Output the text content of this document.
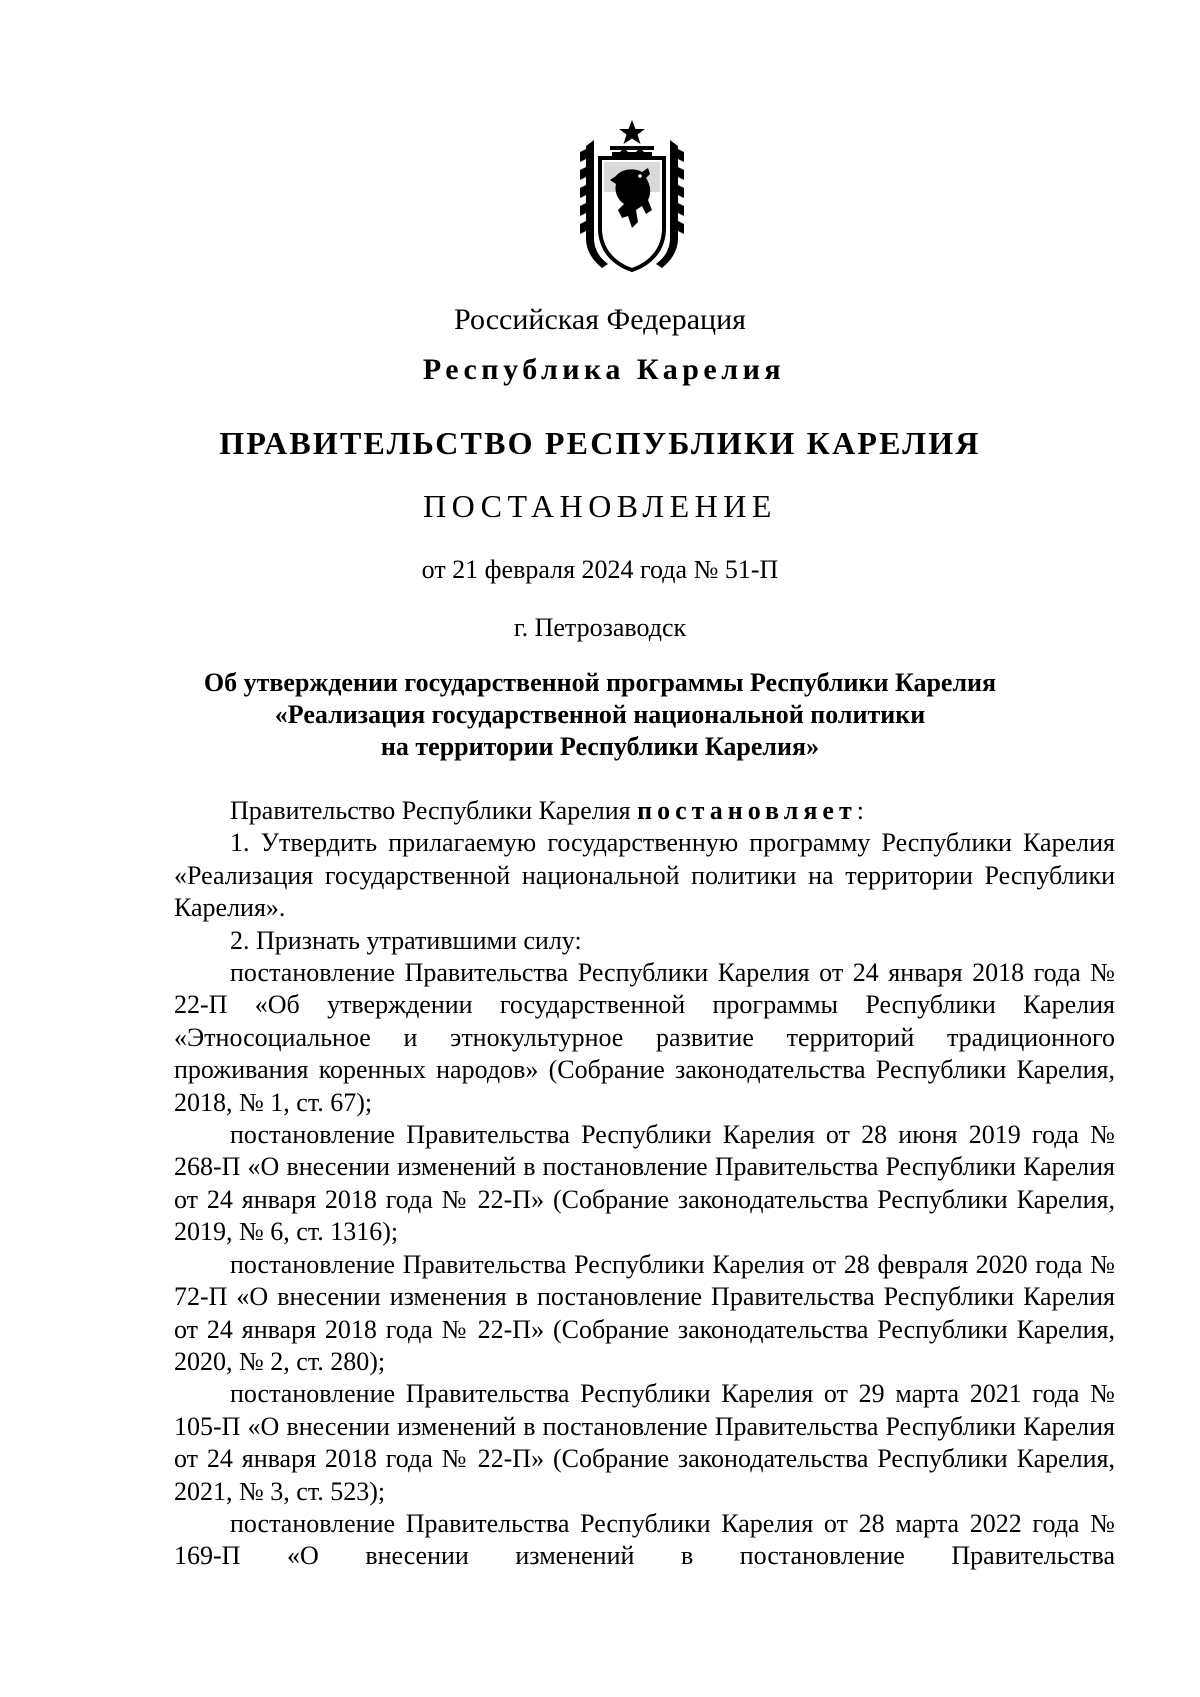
Российская Федерация
Республика Карелия
ПРАВИТЕЛЬСТВО РЕСПУБЛИКИ КАРЕЛИЯ
ПОСТАНОВЛЕНИЕ
от 21 февраля 2024 года № 51-П
г. Петрозаводск
Об утверждении государственной программы Республики Карелия
«Реализация государственной национальной политики
на территории Республики Карелия»

Правительство Республики Карелия постановляет:

1. Утвердить прилагаемую государственную программу Республики Карелия «Реализация государственной национальной политики на территории Республики Карелия».

2. Признать утратившими силу:

постановление Правительства Республики Карелия от 24 января 2018 года № 22-П «Об утверждении государственной программы Республики Карелия «Этносоциальное и этнокультурное развитие территорий традиционного проживания коренных народов» (Собрание законодательства Республики Карелия, 2018, № 1, ст. 67);

постановление Правительства Республики Карелия от 28 июня 2019 года № 268-П «О внесении изменений в постановление Правительства Республики Карелия от 24 января 2018 года № 22-П» (Собрание законодательства Республики Карелия, 2019, № 6, ст. 1316);

постановление Правительства Республики Карелия от 28 февраля 2020 года № 72-П «О внесении изменения в постановление Правительства Республики Карелия от 24 января 2018 года № 22-П» (Собрание законодательства Республики Карелия, 2020, № 2, ст. 280);

постановление Правительства Республики Карелия от 29 марта 2021 года № 105-П «О внесении изменений в постановление Правительства Республики Карелия от 24 января 2018 года № 22-П» (Собрание законодательства Республики Карелия, 2021, № 3, ст. 523);

постановление Правительства Республики Карелия от 28 марта 2022 года № 169-П «О внесении изменений в постановление Правительства
